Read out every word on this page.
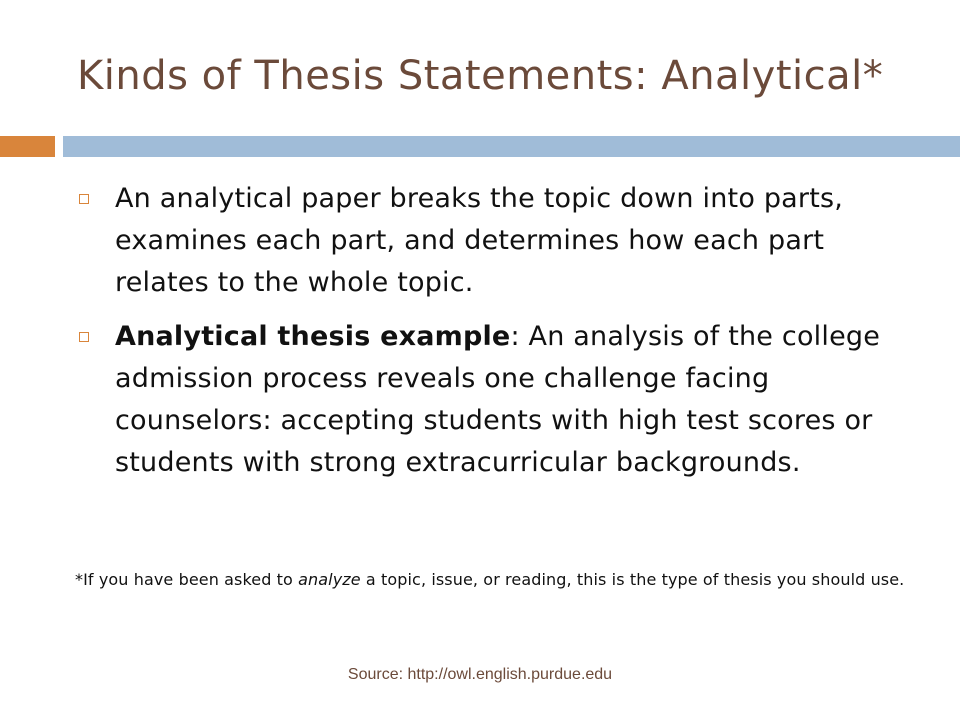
Kinds of Thesis Statements: Analytical*
An analytical paper breaks the topic down into parts, examines each part, and determines how each part relates to the whole topic.
Analytical thesis example: An analysis of the college admission process reveals one challenge facing counselors: accepting students with high test scores or students with strong extracurricular backgrounds.

*If you have been asked to analyze a topic, issue, or reading, this is the type of thesis you should use.

Source: http://owl.english.purdue.edu
